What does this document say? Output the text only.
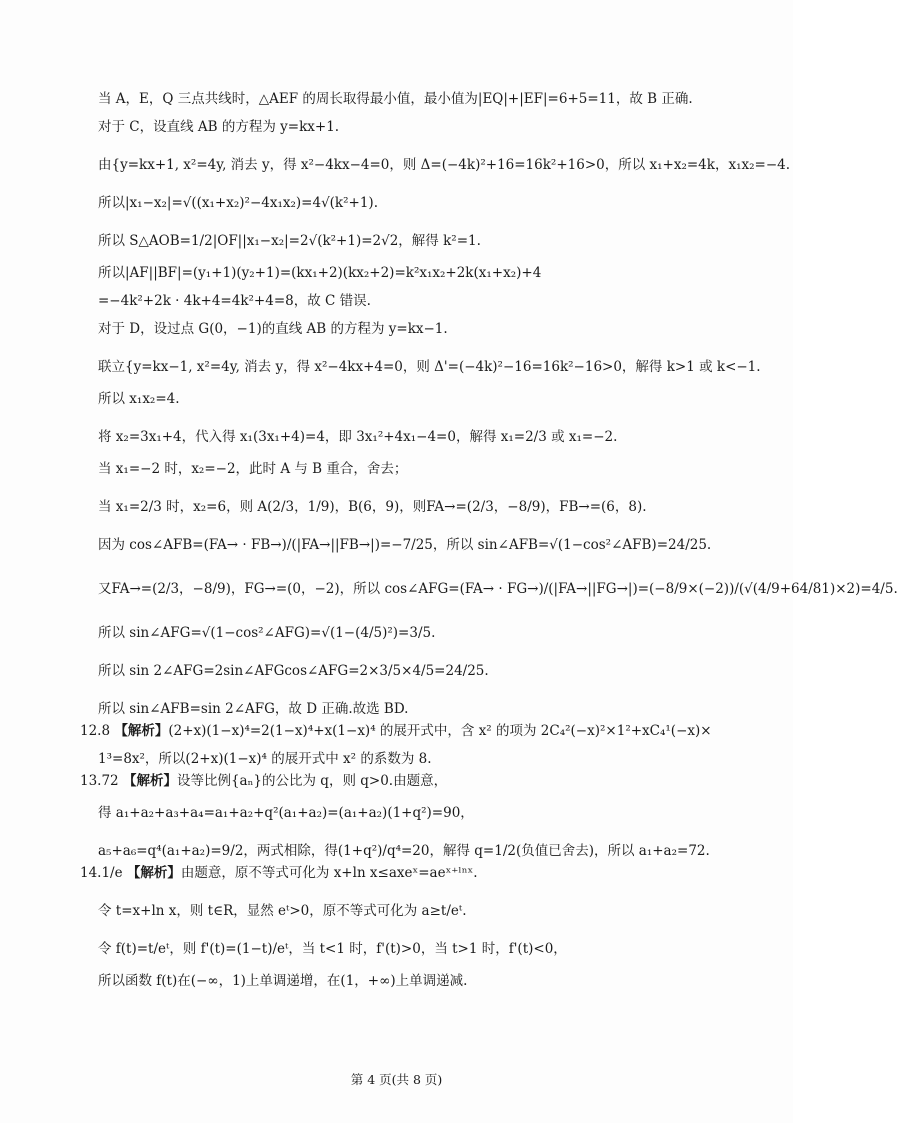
当 A，E，Q 三点共线时，△AEF 的周长取得最小值，最小值为|EQ|+|EF|=6+5=11，故 B 正确.

对于 C，设直线 AB 的方程为 y=kx+1.

由{y=kx+1, x²=4y, 消去 y，得 x²−4kx−4=0，则 Δ=(−4k)²+16=16k²+16>0，所以 x₁+x₂=4k，x₁x₂=−4.

所以|x₁−x₂|=√((x₁+x₂)²−4x₁x₂)=4√(k²+1).

所以 S△AOB=1/2|OF||x₁−x₂|=2√(k²+1)=2√2，解得 k²=1.

所以|AF||BF|=(y₁+1)(y₂+1)=(kx₁+2)(kx₂+2)=k²x₁x₂+2k(x₁+x₂)+4

=−4k²+2k · 4k+4=4k²+4=8，故 C 错误.

对于 D，设过点 G(0，−1)的直线 AB 的方程为 y=kx−1.

联立{y=kx−1, x²=4y, 消去 y，得 x²−4kx+4=0，则 Δ'=(−4k)²−16=16k²−16>0，解得 k>1 或 k<−1.

所以 x₁x₂=4.

将 x₂=3x₁+4，代入得 x₁(3x₁+4)=4，即 3x₁²+4x₁−4=0，解得 x₁=2/3 或 x₁=−2.

当 x₁=−2 时，x₂=−2，此时 A 与 B 重合，舍去；

当 x₁=2/3 时，x₂=6，则 A(2/3，1/9)，B(6，9)，则FA→=(2/3，−8/9)，FB→=(6，8).

因为 cos∠AFB=(FA→ · FB→)/(|FA→||FB→|)=−7/25，所以 sin∠AFB=√(1−cos²∠AFB)=24/25.

又FA→=(2/3，−8/9)，FG→=(0，−2)，所以 cos∠AFG=(FA→ · FG→)/(|FA→||FG→|)=(−8/9×(−2))/(√(4/9+64/81)×2)=4/5.

所以 sin∠AFG=√(1−cos²∠AFG)=√(1−(4/5)²)=3/5.

所以 sin 2∠AFG=2sin∠AFGcos∠AFG=2×3/5×4/5=24/25.

所以 sin∠AFB=sin 2∠AFG，故 D 正确.故选 BD.

12.8 【解析】(2+x)(1−x)⁴=2(1−x)⁴+x(1−x)⁴ 的展开式中，含 x² 的项为 2C₄²(−x)²×1²+xC₄¹(−x)×

1³=8x²，所以(2+x)(1−x)⁴ 的展开式中 x² 的系数为 8.

13.72 【解析】设等比例{aₙ}的公比为 q，则 q>0.由题意，

得 a₁+a₂+a₃+a₄=a₁+a₂+q²(a₁+a₂)=(a₁+a₂)(1+q²)=90，

a₅+a₆=q⁴(a₁+a₂)=9/2，两式相除，得(1+q²)/q⁴=20，解得 q=1/2(负值已舍去)，所以 a₁+a₂=72.

14.1/e 【解析】由题意，原不等式可化为 x+ln x≤axeˣ=aeˣ⁺ˡⁿˣ.

令 t=x+ln x，则 t∈R，显然 eᵗ>0，原不等式可化为 a≥t/eᵗ.

令 f(t)=t/eᵗ，则 f'(t)=(1−t)/eᵗ，当 t<1 时，f'(t)>0，当 t>1 时，f'(t)<0，

所以函数 f(t)在(−∞，1)上单调递增，在(1，+∞)上单调递减.

第 4 页(共 8 页)
